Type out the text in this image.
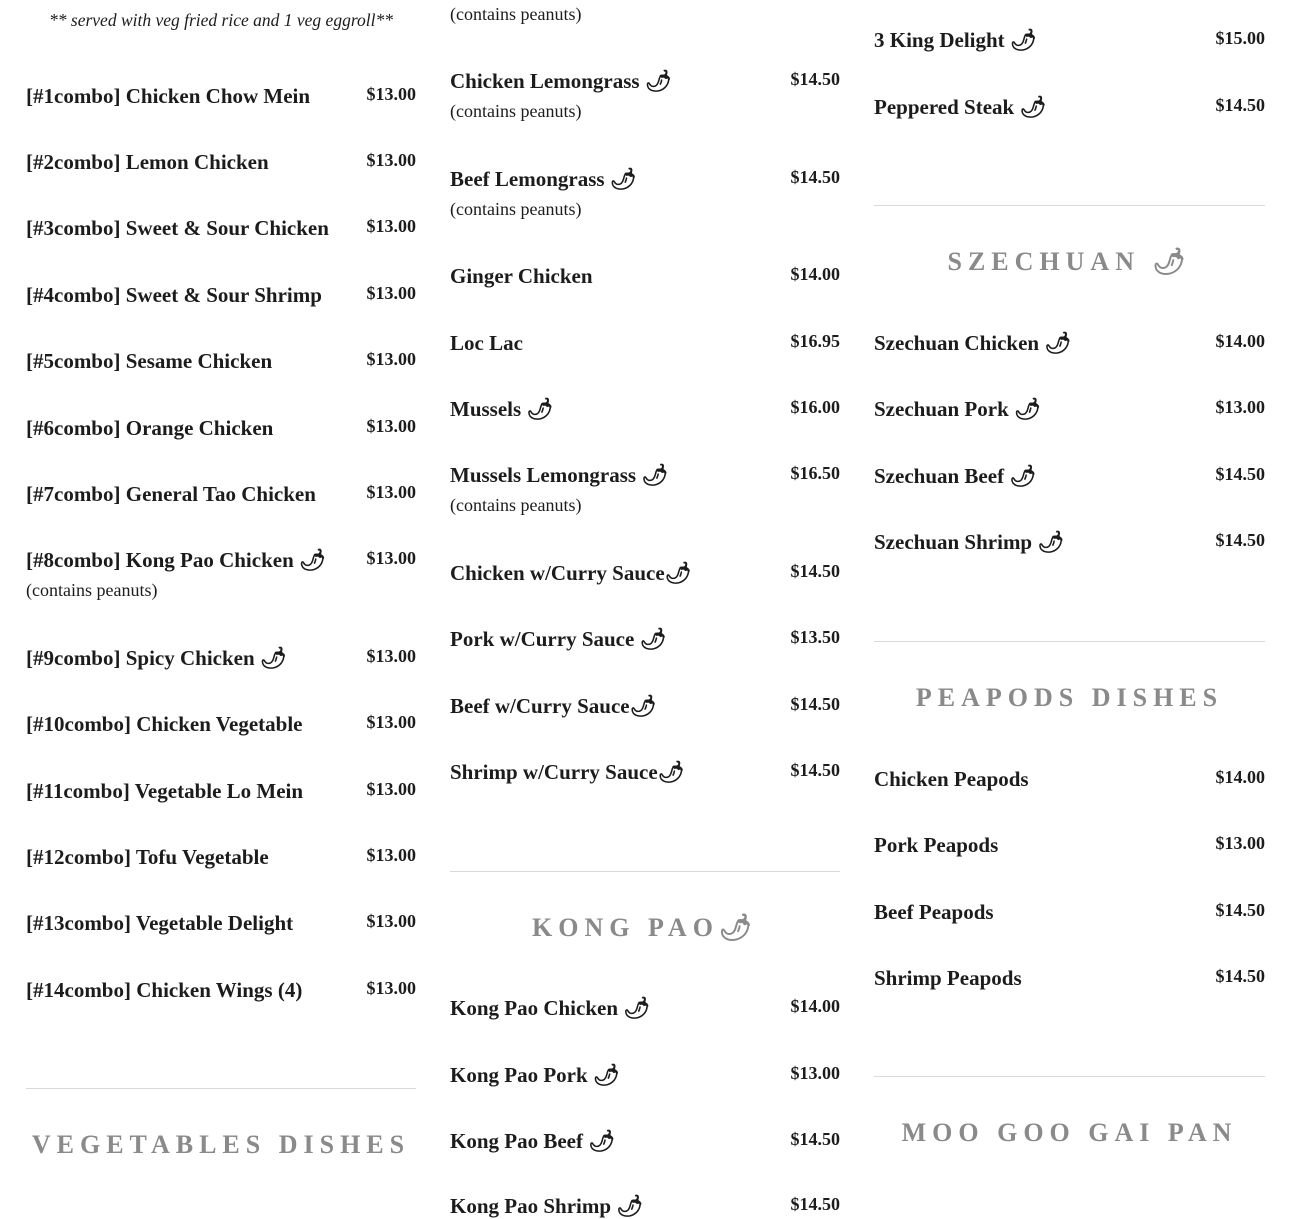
** served with veg fried rice and 1 veg eggroll**
[#1combo] Chicken Chow Mein	$13.00
[#2combo] Lemon Chicken	$13.00
[#3combo] Sweet & Sour Chicken $13.00
[#4combo] Sweet & Sour Shrimp $13.00
[#5combo] Sesame Chicken	$13.00
[#6combo] Orange Chicken	$13.00
[#7combo] General Tao Chicken	$13.00
[#8combo] Kong Pao Chicken 🌶 $13.00
(contains peanuts)
[#9combo] Spicy Chicken 🌶	$13.00
[#10combo] Chicken Vegetable	$13.00
[#11combo] Vegetable Lo Mein	$13.00
[#12combo] Tofu Vegetable	$13.00
[#13combo] Vegetable Delight	$13.00
[#14combo] Chicken Wings (4)	$13.00
VEGETABLES DISHES
(contains peanuts)
Chicken Lemongrass 🌶	$14.50
(contains peanuts)
Beef Lemongrass 🌶	$14.50
(contains peanuts)
Ginger Chicken	$14.00
Loc Lac	$16.95
Mussels 🌶	$16.00
Mussels Lemongrass 🌶	$16.50
(contains peanuts)
Chicken w/Curry Sauce🌶	$14.50
Pork w/Curry Sauce 🌶	$13.50
Beef w/Curry Sauce🌶	$14.50
Shrimp w/Curry Sauce🌶	$14.50
KONG PAO🌶
Kong Pao Chicken 🌶	$14.00
Kong Pao Pork 🌶	$13.00
Kong Pao Beef 🌶	$14.50
Kong Pao Shrimp 🌶	$14.50
3 King Delight 🌶	$15.00
Peppered Steak 🌶	$14.50
SZECHUAN 🌶
Szechuan Chicken 🌶	$14.00
Szechuan Pork 🌶	$13.00
Szechuan Beef 🌶	$14.50
Szechuan Shrimp 🌶	$14.50
PEAPODS DISHES
Chicken Peapods	$14.00
Pork Peapods	$13.00
Beef Peapods	$14.50
Shrimp Peapods	$14.50
MOO GOO GAI PAN
